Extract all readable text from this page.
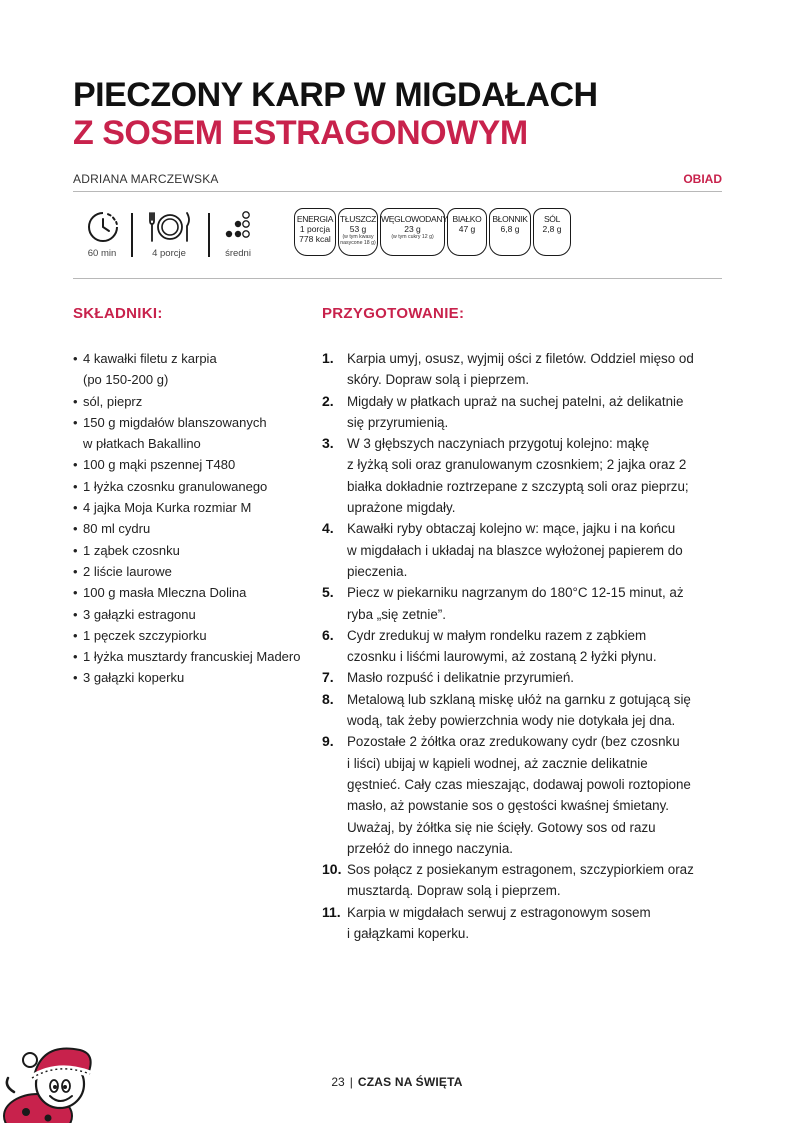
PIECZONY KARP W MIGDAŁACH
Z SOSEM ESTRAGONOWYM
ADRIANA MARCZEWSKA	OBIAD
60 min	4 porcje	średni
ENERGIA
1 porcja
778 kcal
TŁUSZCZ
53 g
(w tym kwasy nasycone 18 g)
WĘGLOWODANY
23 g
(w tym cukry 12 g)
BIAŁKO
47 g
BŁONNIK
6,8 g
SÓL
2,8 g
SKŁADNIKI:
• 4 kawałki filetu z karpia
(po 150-200 g)
• sól, pieprz
• 150 g migdałów blanszowanych
w płatkach Bakallino
• 100 g mąki pszennej T480
• 1 łyżka czosnku granulowanego
• 4 jajka Moja Kurka rozmiar M
• 80 ml cydru
• 1 ząbek czosnku
• 2 liście laurowe
• 100 g masła Mleczna Dolina
• 3 gałązki estragonu
• 1 pęczek szczypiorku
• 1 łyżka musztardy francuskiej Madero
• 3 gałązki koperku
PRZYGOTOWANIE:
1. Karpia umyj, osusz, wyjmij ości z filetów. Oddziel mięso od
skóry. Dopraw solą i pieprzem.
2. Migdały w płatkach upraż na suchej patelni, aż delikatnie
się przyrumienią.
3. W 3 głębszych naczyniach przygotuj kolejno: mąkę
z łyżką soli oraz granulowanym czosnkiem; 2 jajka oraz 2
białka dokładnie roztrzepane z szczyptą soli oraz pieprzu;
uprażone migdały.
4. Kawałki ryby obtaczaj kolejno w: mące, jajku i na końcu
w migdałach i układaj na blaszce wyłożonej papierem do
pieczenia.
5. Piecz w piekarniku nagrzanym do 180°C 12-15 minut, aż
ryba „się zetnie”.
6. Cydr zredukuj w małym rondelku razem z ząbkiem
czosnku i liśćmi laurowymi, aż zostaną 2 łyżki płynu.
7. Masło rozpuść i delikatnie przyrumień.
8. Metalową lub szklaną miskę ułóż na garnku z gotującą się
wodą, tak żeby powierzchnia wody nie dotykała jej dna.
9. Pozostałe 2 żółtka oraz zredukowany cydr (bez czosnku
i liści) ubijaj w kąpieli wodnej, aż zacznie delikatnie
gęstnieć. Cały czas mieszając, dodawaj powoli roztopione
masło, aż powstanie sos o gęstości kwaśnej śmietany.
Uważaj, by żółtka się nie ścięły. Gotowy sos od razu
przełóż do innego naczynia.
10. Sos połącz z posiekanym estragonem, szczypiorkiem oraz
musztardą. Dopraw solą i pieprzem.
11. Karpia w migdałach serwuj z estragonowym sosem
i gałązkami koperku.
23 | CZAS NA ŚWIĘTA
